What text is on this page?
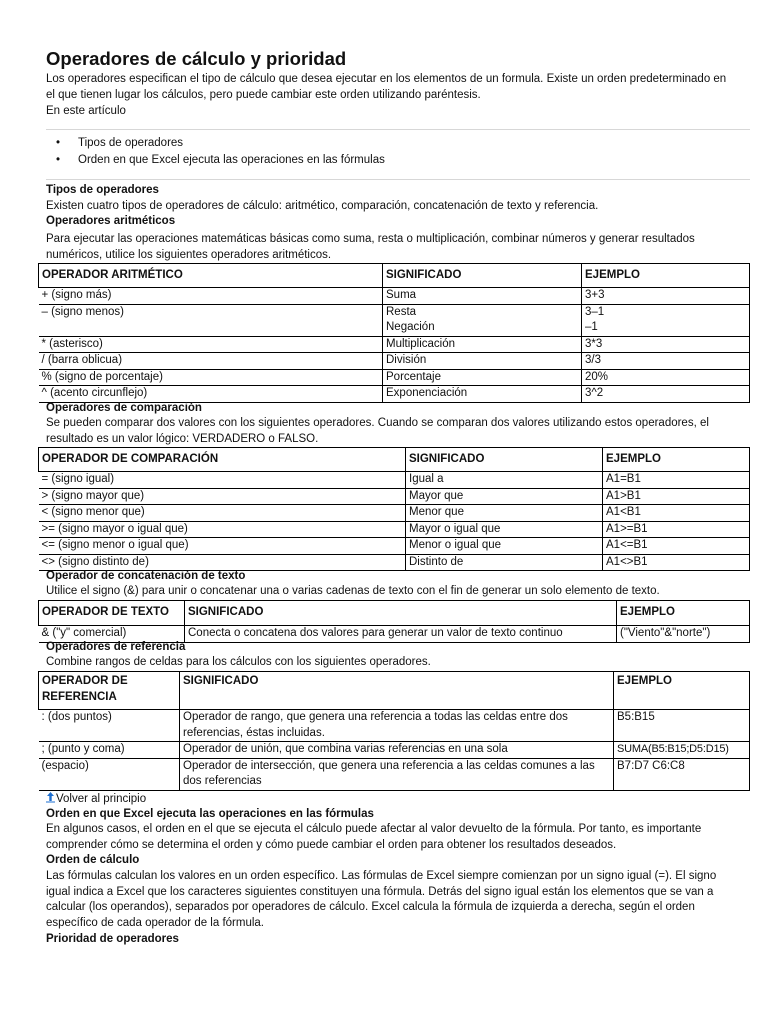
Operadores de cálculo y prioridad

Los operadores especifican el tipo de cálculo que desea ejecutar en los elementos de un formula. Existe un orden predeterminado en el que tienen lugar los cálculos, pero puede cambiar este orden utilizando paréntesis.

En este artículo

• Tipos de operadores
• Orden en que Excel ejecuta las operaciones en las fórmulas

Tipos de operadores

Existen cuatro tipos de operadores de cálculo: aritmético, comparación, concatenación de texto y referencia.

Operadores aritméticos

Para ejecutar las operaciones matemáticas básicas como suma, resta o multiplicación, combinar números y generar resultados numéricos, utilice los siguientes operadores aritméticos.

OPERADOR ARITMÉTICO	SIGNIFICADO	EJEMPLO
+ (signo más)	Suma	3+3
– (signo menos)	Resta	3–1
	Negación	–1
* (asterisco)	Multiplicación	3*3
/ (barra oblicua)	División	3/3
% (signo de porcentaje)	Porcentaje	20%
^ (acento circunflejo)	Exponenciación	3^2

Operadores de comparación

Se pueden comparar dos valores con los siguientes operadores. Cuando se comparan dos valores utilizando estos operadores, el resultado es un valor lógico: VERDADERO o FALSO.

OPERADOR DE COMPARACIÓN	SIGNIFICADO	EJEMPLO
= (signo igual)	Igual a	A1=B1
> (signo mayor que)	Mayor que	A1>B1
< (signo menor que)	Menor que	A1<B1
>= (signo mayor o igual que)	Mayor o igual que	A1>=B1
<= (signo menor o igual que)	Menor o igual que	A1<=B1
<> (signo distinto de)	Distinto de	A1<>B1

Operador de concatenación de texto

Utilice el signo (&) para unir o concatenar una o varias cadenas de texto con el fin de generar un solo elemento de texto.

OPERADOR DE TEXTO	SIGNIFICADO	EJEMPLO
& ("y" comercial)	Conecta o concatena dos valores para generar un valor de texto continuo	("Viento"&"norte")

Operadores de referencia

Combine rangos de celdas para los cálculos con los siguientes operadores.

OPERADOR DE REFERENCIA	SIGNIFICADO	EJEMPLO
: (dos puntos)	Operador de rango, que genera una referencia a todas las celdas entre dos referencias, éstas incluidas.	B5:B15
; (punto y coma)	Operador de unión, que combina varias referencias en una sola	SUMA(B5:B15;D5:D15)
(espacio)	Operador de intersección, que genera una referencia a las celdas comunes a las dos referencias	B7:D7 C6:C8
Volver al principio

Orden en que Excel ejecuta las operaciones en las fórmulas

En algunos casos, el orden en el que se ejecuta el cálculo puede afectar al valor devuelto de la fórmula. Por tanto, es importante comprender cómo se determina el orden y cómo puede cambiar el orden para obtener los resultados deseados.

Orden de cálculo

Las fórmulas calculan los valores en un orden específico. Las fórmulas de Excel siempre comienzan por un signo igual (=). El signo igual indica a Excel que los caracteres siguientes constituyen una fórmula. Detrás del signo igual están los elementos que se van a calcular (los operandos), separados por operadores de cálculo. Excel calcula la fórmula de izquierda a derecha, según el orden específico de cada operador de la fórmula.

Prioridad de operadores
